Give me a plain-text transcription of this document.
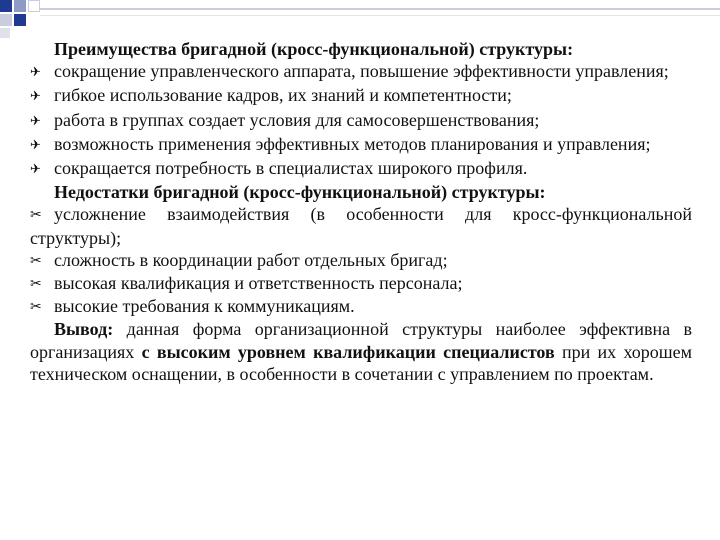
Преимущества бригадной (кросс-функциональной) структуры:

✈ сокращение управленческого аппарата, повышение эффективности управления;

✈ гибкое использование кадров, их знаний и компетентности;

✈ работа в группах создает условия для самосовершенствования;

✈ возможность применения эффективных методов планирования и управления;

✈ сокращается потребность в специалистах широкого профиля.

Недостатки бригадной (кросс-функциональной) структуры:

✂ усложнение взаимодействия (в особенности для кросс-функциональной структуры);

✂ сложность в координации работ отдельных бригад;

✂ высокая квалификация и ответственность персонала;

✂ высокие требования к коммуникациям.

Вывод: данная форма организационной структуры наиболее эффективна в организациях с высоким уровнем квалификации специалистов при их хорошем техническом оснащении, в особенности в сочетании с управлением по проектам.
